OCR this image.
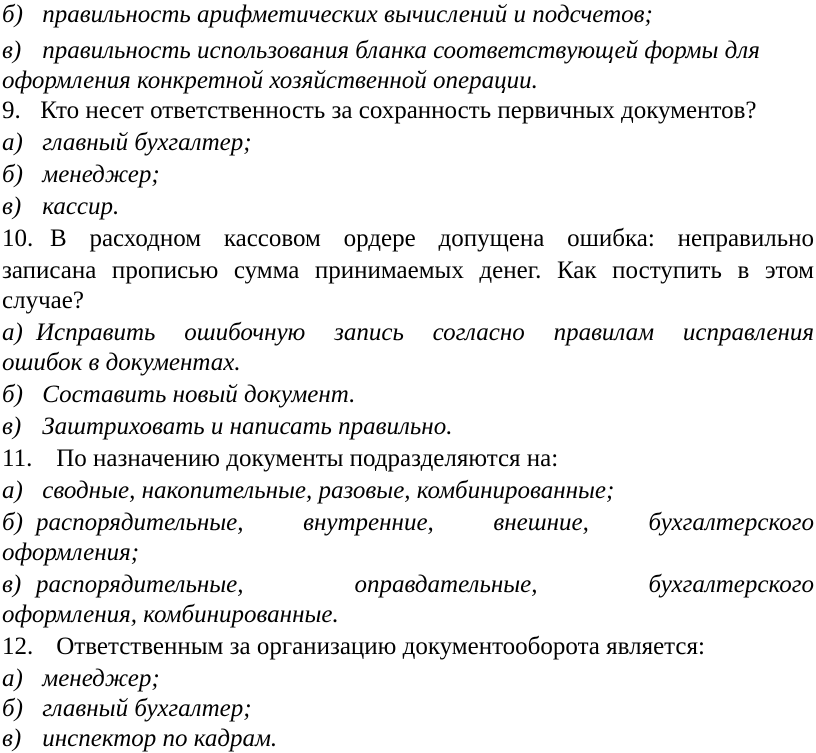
б) правильность арифметических вычислений и подсчетов;
в) правильность использования бланка соответствующей формы для
оформления конкретной хозяйственной операции.
9. Кто несет ответственность за сохранность первичных документов?
а) главный бухгалтер;
б) менеджер;
в) кассир.
10. В расходном кассовом ордере допущена ошибка: неправильно
записана прописью сумма принимаемых денег. Как поступить в этом
случае?
а) Исправить ошибочную запись согласно правилам исправления
ошибок в документах.
б) Составить новый документ.
в) Заштриховать и написать правильно.
11. По назначению документы подразделяются на:
а) сводные, накопительные, разовые, комбинированные;
б) распорядительные, внутренние, внешние, бухгалтерского
оформления;
в) распорядительные, оправдательные, бухгалтерского
оформления, комбинированные.
12. Ответственным за организацию документооборота является:
а) менеджер;
б) главный бухгалтер;
в) инспектор по кадрам.
